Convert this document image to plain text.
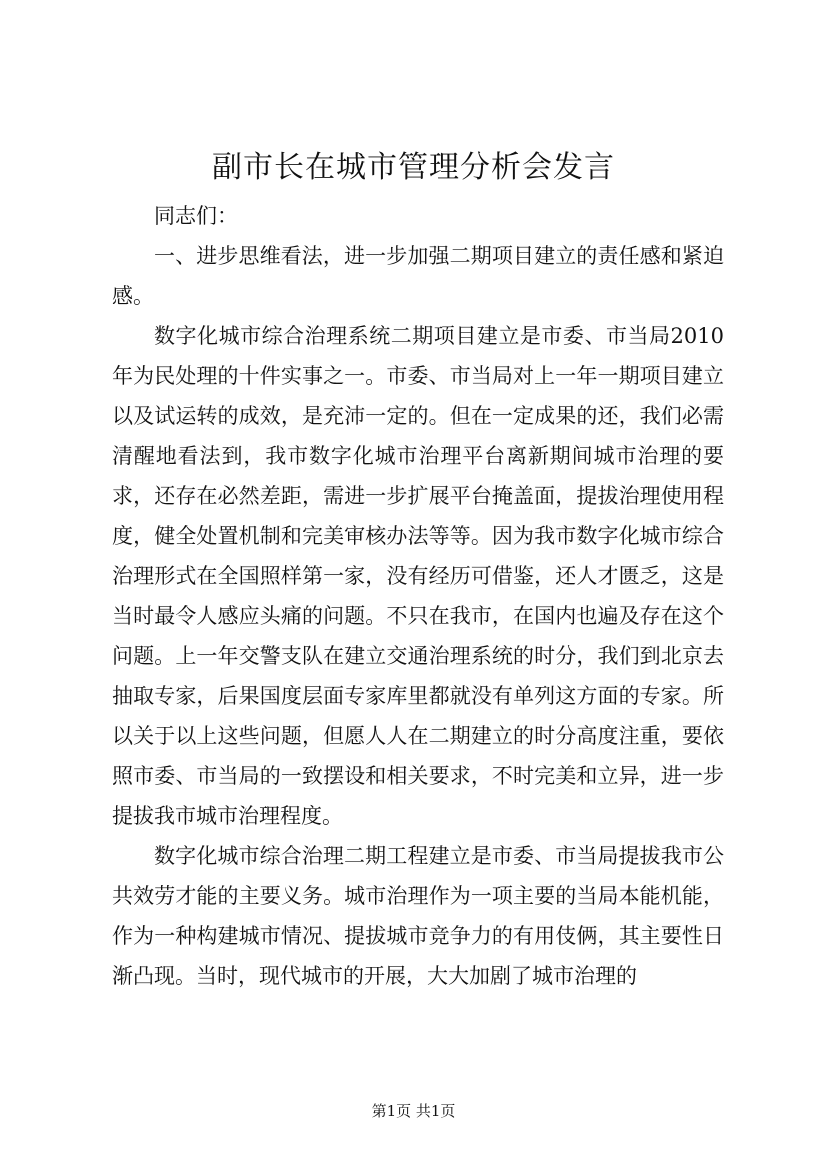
副市长在城市管理分析会发言

同志们：

一、进步思维看法，进一步加强二期项目建立的责任感和紧迫感。

数字化城市综合治理系统二期项目建立是市委、市当局2010年为民处理的十件实事之一。市委、市当局对上一年一期项目建立以及试运转的成效，是充沛一定的。但在一定成果的还，我们必需清醒地看法到，我市数字化城市治理平台离新期间城市治理的要求，还存在必然差距，需进一步扩展平台掩盖面，提拔治理使用程度，健全处置机制和完美审核办法等等。因为我市数字化城市综合治理形式在全国照样第一家，没有经历可借鉴，还人才匮乏，这是当时最令人感应头痛的问题。不只在我市，在国内也遍及存在这个问题。上一年交警支队在建立交通治理系统的时分，我们到北京去抽取专家，后果国度层面专家库里都就没有单列这方面的专家。所以关于以上这些问题，但愿人人在二期建立的时分高度注重，要依照市委、市当局的一致摆设和相关要求，不时完美和立异，进一步提拔我市城市治理程度。

数字化城市综合治理二期工程建立是市委、市当局提拔我市公共效劳才能的主要义务。城市治理作为一项主要的当局本能机能，作为一种构建城市情况、提拔城市竞争力的有用伎俩，其主要性日渐凸现。当时，现代城市的开展，大大加剧了城市治理的

第1页 共1页
